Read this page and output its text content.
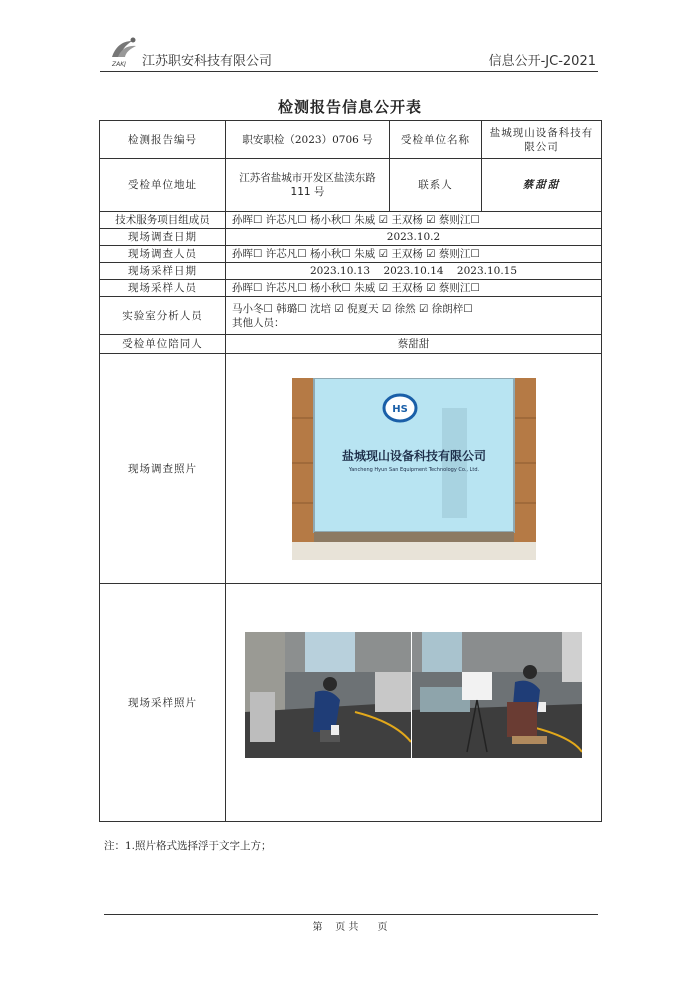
ZAKJ 江苏职安科技有限公司	信息公开-JC-2021
检测报告信息公开表
检测报告编号	职安职检（2023）0706 号	受检单位名称	盐城现山设备科技有限公司
受检单位地址	江苏省盐城市开发区盐渎东路 111 号	联系人	蔡甜甜
技术服务项目组成员	孙晖☐ 许芯凡☐ 杨小秋☐ 朱威 ☑ 王双杨 ☑ 蔡则江☐		
现场调查日期	2023.10.2		
现场调查人员	孙晖☐ 许芯凡☐ 杨小秋☐ 朱威 ☑ 王双杨 ☑ 蔡则江☐		
现场采样日期	2023.10.13    2023.10.14    2023.10.15		
现场采样人员	孙晖☐ 许芯凡☐ 杨小秋☐ 朱威 ☑ 王双杨 ☑ 蔡则江☐		
实验室分析人员	马小冬☐ 韩璐☐ 沈培 ☑ 倪夏天 ☑ 徐然 ☑ 徐朗梓☐
其他人员：		

受检单位陪同人	蔡甜甜		
现场调查照片	HS
盐城现山设备科技有限公司
Yancheng Hyun San Equipment Technology Co., Ltd.		

现场采样照片	
注：1.照片格式选择浮于文字上方；
第    页 共      页
